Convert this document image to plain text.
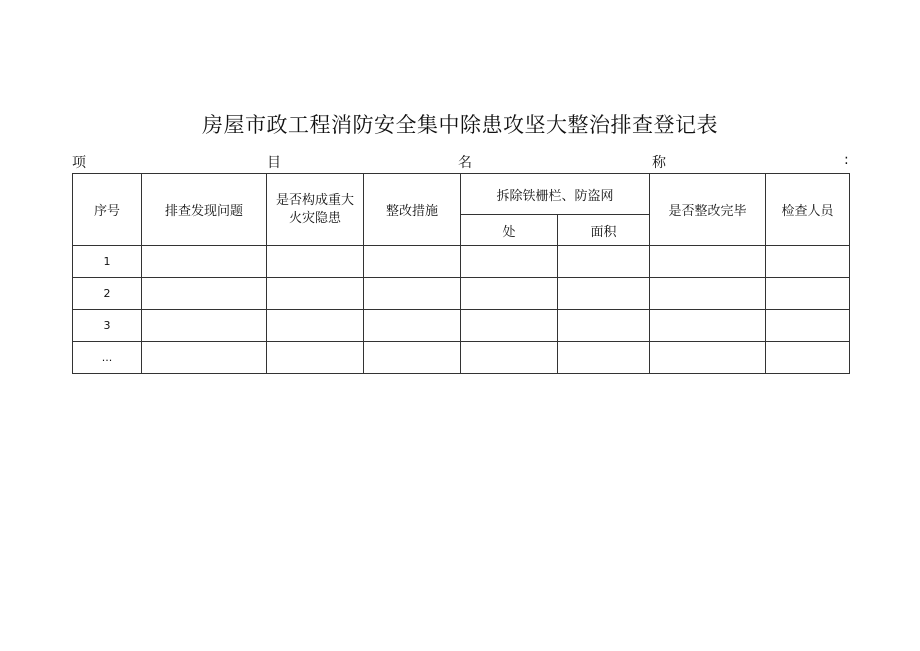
房屋市政工程消防安全集中除患攻坚大整治排查登记表
项	目	名	称	:
序号	排查发现问题	是否构成重大火灾隐患	整改措施	拆除铁栅栏、防盗网		是否整改完毕	检查人员
				处	面积		
1							
2							
3							
...							
